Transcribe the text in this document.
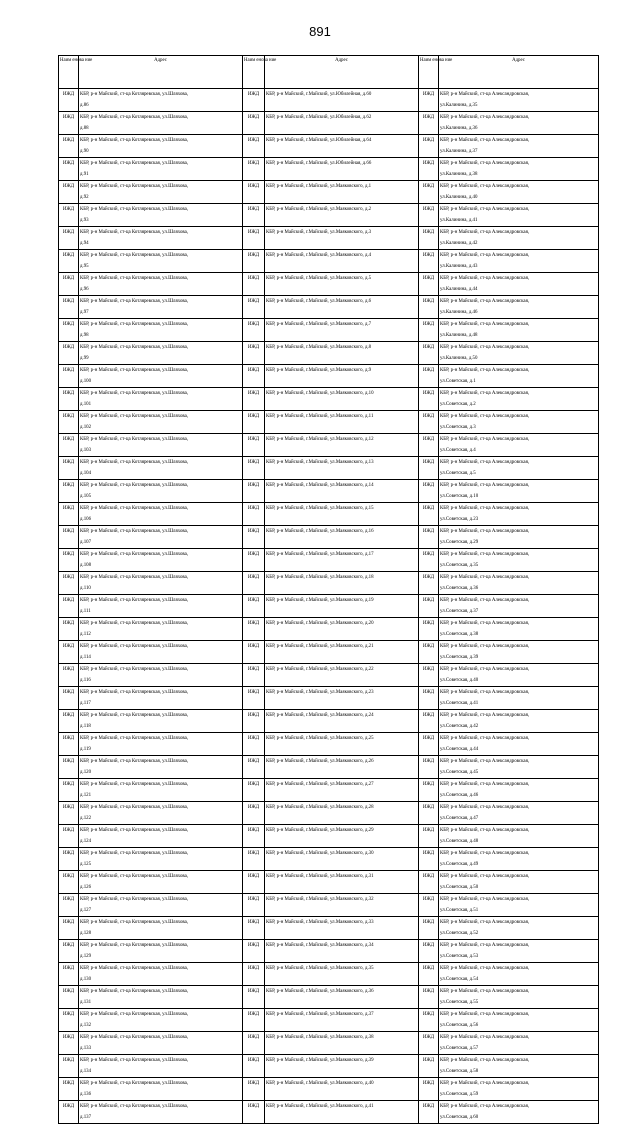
891
Наим енова ние	Адрес
ИЖД	КБР, р-н Майский, ст-ца Котляревская, ул.Шляхова,
д.86

ИЖД	КБР, р-н Майский, ст-ца Котляревская, ул.Шляхова,
д.88

ИЖД	КБР, р-н Майский, ст-ца Котляревская, ул.Шляхова,
д.90

ИЖД	КБР, р-н Майский, ст-ца Котляревская, ул.Шляхова,
д.91

ИЖД	КБР, р-н Майский, ст-ца Котляревская, ул.Шляхова,
д.92

ИЖД	КБР, р-н Майский, ст-ца Котляревская, ул.Шляхова,
д.93

ИЖД	КБР, р-н Майский, ст-ца Котляревская, ул.Шляхова,
д.94

ИЖД	КБР, р-н Майский, ст-ца Котляревская, ул.Шляхова,
д.95

ИЖД	КБР, р-н Майский, ст-ца Котляревская, ул.Шляхова,
д.96

ИЖД	КБР, р-н Майский, ст-ца Котляревская, ул.Шляхова,
д.97

ИЖД	КБР, р-н Майский, ст-ца Котляревская, ул.Шляхова,
д.98

ИЖД	КБР, р-н Майский, ст-ца Котляревская, ул.Шляхова,
д.99

ИЖД	КБР, р-н Майский, ст-ца Котляревская, ул.Шляхова,
д.100

ИЖД	КБР, р-н Майский, ст-ца Котляревская, ул.Шляхова,
д.101

ИЖД	КБР, р-н Майский, ст-ца Котляревская, ул.Шляхова,
д.102

ИЖД	КБР, р-н Майский, ст-ца Котляревская, ул.Шляхова,
д.103

ИЖД	КБР, р-н Майский, ст-ца Котляревская, ул.Шляхова,
д.104

ИЖД	КБР, р-н Майский, ст-ца Котляревская, ул.Шляхова,
д.105

ИЖД	КБР, р-н Майский, ст-ца Котляревская, ул.Шляхова,
д.106

ИЖД	КБР, р-н Майский, ст-ца Котляревская, ул.Шляхова,
д.107

ИЖД	КБР, р-н Майский, ст-ца Котляревская, ул.Шляхова,
д.108

ИЖД	КБР, р-н Майский, ст-ца Котляревская, ул.Шляхова,
д.110

ИЖД	КБР, р-н Майский, ст-ца Котляревская, ул.Шляхова,
д.111

ИЖД	КБР, р-н Майский, ст-ца Котляревская, ул.Шляхова,
д.112

ИЖД	КБР, р-н Майский, ст-ца Котляревская, ул.Шляхова,
д.114

ИЖД	КБР, р-н Майский, ст-ца Котляревская, ул.Шляхова,
д.116

ИЖД	КБР, р-н Майский, ст-ца Котляревская, ул.Шляхова,
д.117

ИЖД	КБР, р-н Майский, ст-ца Котляревская, ул.Шляхова,
д.118

ИЖД	КБР, р-н Майский, ст-ца Котляревская, ул.Шляхова,
д.119

ИЖД	КБР, р-н Майский, ст-ца Котляревская, ул.Шляхова,
д.120

ИЖД	КБР, р-н Майский, ст-ца Котляревская, ул.Шляхова,
д.121

ИЖД	КБР, р-н Майский, ст-ца Котляревская, ул.Шляхова,
д.122

ИЖД	КБР, р-н Майский, ст-ца Котляревская, ул.Шляхова,
д.124

ИЖД	КБР, р-н Майский, ст-ца Котляревская, ул.Шляхова,
д.125

ИЖД	КБР, р-н Майский, ст-ца Котляревская, ул.Шляхова,
д.126

ИЖД	КБР, р-н Майский, ст-ца Котляревская, ул.Шляхова,
д.127

ИЖД	КБР, р-н Майский, ст-ца Котляревская, ул.Шляхова,
д.128

ИЖД	КБР, р-н Майский, ст-ца Котляревская, ул.Шляхова,
д.129

ИЖД	КБР, р-н Майский, ст-ца Котляревская, ул.Шляхова,
д.130

ИЖД	КБР, р-н Майский, ст-ца Котляревская, ул.Шляхова,
д.131

ИЖД	КБР, р-н Майский, ст-ца Котляревская, ул.Шляхова,
д.132

ИЖД	КБР, р-н Майский, ст-ца Котляревская, ул.Шляхова,
д.133

ИЖД	КБР, р-н Майский, ст-ца Котляревская, ул.Шляхова,
д.134

ИЖД	КБР, р-н Майский, ст-ца Котляревская, ул.Шляхова,
д.136

ИЖД	КБР, р-н Майский, ст-ца Котляревская, ул.Шляхова,
д.137
Наим енова ние	Адрес
ИЖД	КБР, р-н Майский, г.Майский, ул.Юбилейная, д.60

ИЖД	КБР, р-н Майский, г.Майский, ул.Юбилейная, д.62

ИЖД	КБР, р-н Майский, г.Майский, ул.Юбилейная, д.64

ИЖД	КБР, р-н Майский, г.Майский, ул.Юбилейная, д.66

ИЖД	КБР, р-н Майский, г.Майский, ул.Маяковского, д.1

ИЖД	КБР, р-н Майский, г.Майский, ул.Маяковского, д.2

ИЖД	КБР, р-н Майский, г.Майский, ул.Маяковского, д.3

ИЖД	КБР, р-н Майский, г.Майский, ул.Маяковского, д.4

ИЖД	КБР, р-н Майский, г.Майский, ул.Маяковского, д.5

ИЖД	КБР, р-н Майский, г.Майский, ул.Маяковского, д.6

ИЖД	КБР, р-н Майский, г.Майский, ул.Маяковского, д.7

ИЖД	КБР, р-н Майский, г.Майский, ул.Маяковского, д.8

ИЖД	КБР, р-н Майский, г.Майский, ул.Маяковского, д.9

ИЖД	КБР, р-н Майский, г.Майский, ул.Маяковского, д.10

ИЖД	КБР, р-н Майский, г.Майский, ул.Маяковского, д.11

ИЖД	КБР, р-н Майский, г.Майский, ул.Маяковского, д.12

ИЖД	КБР, р-н Майский, г.Майский, ул.Маяковского, д.13

ИЖД	КБР, р-н Майский, г.Майский, ул.Маяковского, д.14

ИЖД	КБР, р-н Майский, г.Майский, ул.Маяковского, д.15

ИЖД	КБР, р-н Майский, г.Майский, ул.Маяковского, д.16

ИЖД	КБР, р-н Майский, г.Майский, ул.Маяковского, д.17

ИЖД	КБР, р-н Майский, г.Майский, ул.Маяковского, д.18

ИЖД	КБР, р-н Майский, г.Майский, ул.Маяковского, д.19

ИЖД	КБР, р-н Майский, г.Майский, ул.Маяковского, д.20

ИЖД	КБР, р-н Майский, г.Майский, ул.Маяковского, д.21

ИЖД	КБР, р-н Майский, г.Майский, ул.Маяковского, д.22

ИЖД	КБР, р-н Майский, г.Майский, ул.Маяковского, д.23

ИЖД	КБР, р-н Майский, г.Майский, ул.Маяковского, д.24

ИЖД	КБР, р-н Майский, г.Майский, ул.Маяковского, д.25

ИЖД	КБР, р-н Майский, г.Майский, ул.Маяковского, д.26

ИЖД	КБР, р-н Майский, г.Майский, ул.Маяковского, д.27

ИЖД	КБР, р-н Майский, г.Майский, ул.Маяковского, д.28

ИЖД	КБР, р-н Майский, г.Майский, ул.Маяковского, д.29

ИЖД	КБР, р-н Майский, г.Майский, ул.Маяковского, д.30

ИЖД	КБР, р-н Майский, г.Майский, ул.Маяковского, д.31

ИЖД	КБР, р-н Майский, г.Майский, ул.Маяковского, д.32

ИЖД	КБР, р-н Майский, г.Майский, ул.Маяковского, д.33

ИЖД	КБР, р-н Майский, г.Майский, ул.Маяковского, д.34

ИЖД	КБР, р-н Майский, г.Майский, ул.Маяковского, д.35

ИЖД	КБР, р-н Майский, г.Майский, ул.Маяковского, д.36

ИЖД	КБР, р-н Майский, г.Майский, ул.Маяковского, д.37

ИЖД	КБР, р-н Майский, г.Майский, ул.Маяковского, д.38

ИЖД	КБР, р-н Майский, г.Майский, ул.Маяковского, д.39

ИЖД	КБР, р-н Майский, г.Майский, ул.Маяковского, д.40

ИЖД	КБР, р-н Майский, г.Майский, ул.Маяковского, д.41
Наим енова ние	Адрес
ИЖД	КБР, р-н Майский, ст-ца Александровская,
ул.Калинина, д.35

ИЖД	КБР, р-н Майский, ст-ца Александровская,
ул.Калинина, д.36

ИЖД	КБР, р-н Майский, ст-ца Александровская,
ул.Калинина, д.37

ИЖД	КБР, р-н Майский, ст-ца Александровская,
ул.Калинина, д.38

ИЖД	КБР, р-н Майский, ст-ца Александровская,
ул.Калинина, д.40

ИЖД	КБР, р-н Майский, ст-ца Александровская,
ул.Калинина, д.41

ИЖД	КБР, р-н Майский, ст-ца Александровская,
ул.Калинина, д.42

ИЖД	КБР, р-н Майский, ст-ца Александровская,
ул.Калинина, д.43

ИЖД	КБР, р-н Майский, ст-ца Александровская,
ул.Калинина, д.44

ИЖД	КБР, р-н Майский, ст-ца Александровская,
ул.Калинина, д.46

ИЖД	КБР, р-н Майский, ст-ца Александровская,
ул.Калинина, д.48

ИЖД	КБР, р-н Майский, ст-ца Александровская,
ул.Калинина, д.50

ИЖД	КБР, р-н Майский, ст-ца Александровская,
ул.Советская, д.1

ИЖД	КБР, р-н Майский, ст-ца Александровская,
ул.Советская, д.2

ИЖД	КБР, р-н Майский, ст-ца Александровская,
ул.Советская, д.3

ИЖД	КБР, р-н Майский, ст-ца Александровская,
ул.Советская, д.4

ИЖД	КБР, р-н Майский, ст-ца Александровская,
ул.Советская, д.5

ИЖД	КБР, р-н Майский, ст-ца Александровская,
ул.Советская, д.10

ИЖД	КБР, р-н Майский, ст-ца Александровская,
ул.Советская, д.23

ИЖД	КБР, р-н Майский, ст-ца Александровская,
ул.Советская, д.29

ИЖД	КБР, р-н Майский, ст-ца Александровская,
ул.Советская, д.35

ИЖД	КБР, р-н Майский, ст-ца Александровская,
ул.Советская, д.36

ИЖД	КБР, р-н Майский, ст-ца Александровская,
ул.Советская, д.37

ИЖД	КБР, р-н Майский, ст-ца Александровская,
ул.Советская, д.38

ИЖД	КБР, р-н Майский, ст-ца Александровская,
ул.Советская, д.39

ИЖД	КБР, р-н Майский, ст-ца Александровская,
ул.Советская, д.40

ИЖД	КБР, р-н Майский, ст-ца Александровская,
ул.Советская, д.41

ИЖД	КБР, р-н Майский, ст-ца Александровская,
ул.Советская, д.42

ИЖД	КБР, р-н Майский, ст-ца Александровская,
ул.Советская, д.44

ИЖД	КБР, р-н Майский, ст-ца Александровская,
ул.Советская, д.45

ИЖД	КБР, р-н Майский, ст-ца Александровская,
ул.Советская, д.46

ИЖД	КБР, р-н Майский, ст-ца Александровская,
ул.Советская, д.47

ИЖД	КБР, р-н Майский, ст-ца Александровская,
ул.Советская, д.48

ИЖД	КБР, р-н Майский, ст-ца Александровская,
ул.Советская, д.49

ИЖД	КБР, р-н Майский, ст-ца Александровская,
ул.Советская, д.50

ИЖД	КБР, р-н Майский, ст-ца Александровская,
ул.Советская, д.51

ИЖД	КБР, р-н Майский, ст-ца Александровская,
ул.Советская, д.52

ИЖД	КБР, р-н Майский, ст-ца Александровская,
ул.Советская, д.53

ИЖД	КБР, р-н Майский, ст-ца Александровская,
ул.Советская, д.54

ИЖД	КБР, р-н Майский, ст-ца Александровская,
ул.Советская, д.55

ИЖД	КБР, р-н Майский, ст-ца Александровская,
ул.Советская, д.56

ИЖД	КБР, р-н Майский, ст-ца Александровская,
ул.Советская, д.57

ИЖД	КБР, р-н Майский, ст-ца Александровская,
ул.Советская, д.58

ИЖД	КБР, р-н Майский, ст-ца Александровская,
ул.Советская, д.59

ИЖД	КБР, р-н Майский, ст-ца Александровская,
ул.Советская, д.60
